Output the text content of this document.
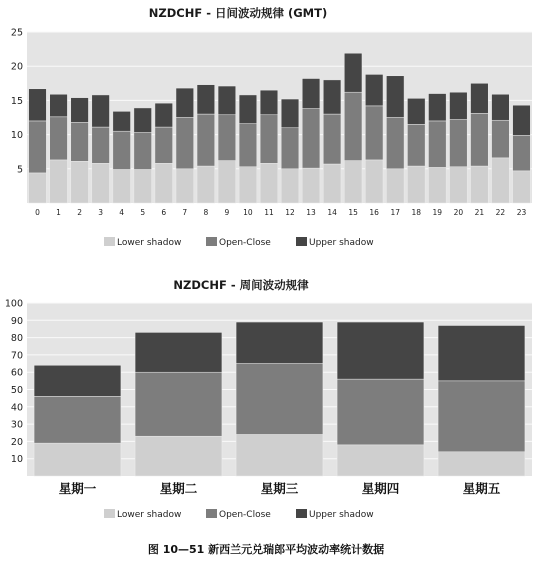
NZDCHF - 日间波动规律 (GMT)
5
10
15
20
25
0 1 2 3 4 5 6 7 8 9 10 11 12 13 14 15 16 17 18 19 20 21 22 23
Lower shadow	Open-Close	Upper shadow
NZDCHF - 周间波动规律
10
20
30
40
50
60
70
80
90
100
星期一	星期二	星期三	星期四	星期五
Lower shadow	Open-Close	Upper shadow
图 10—51 新西兰元兑瑞郎平均波动率统计数据
